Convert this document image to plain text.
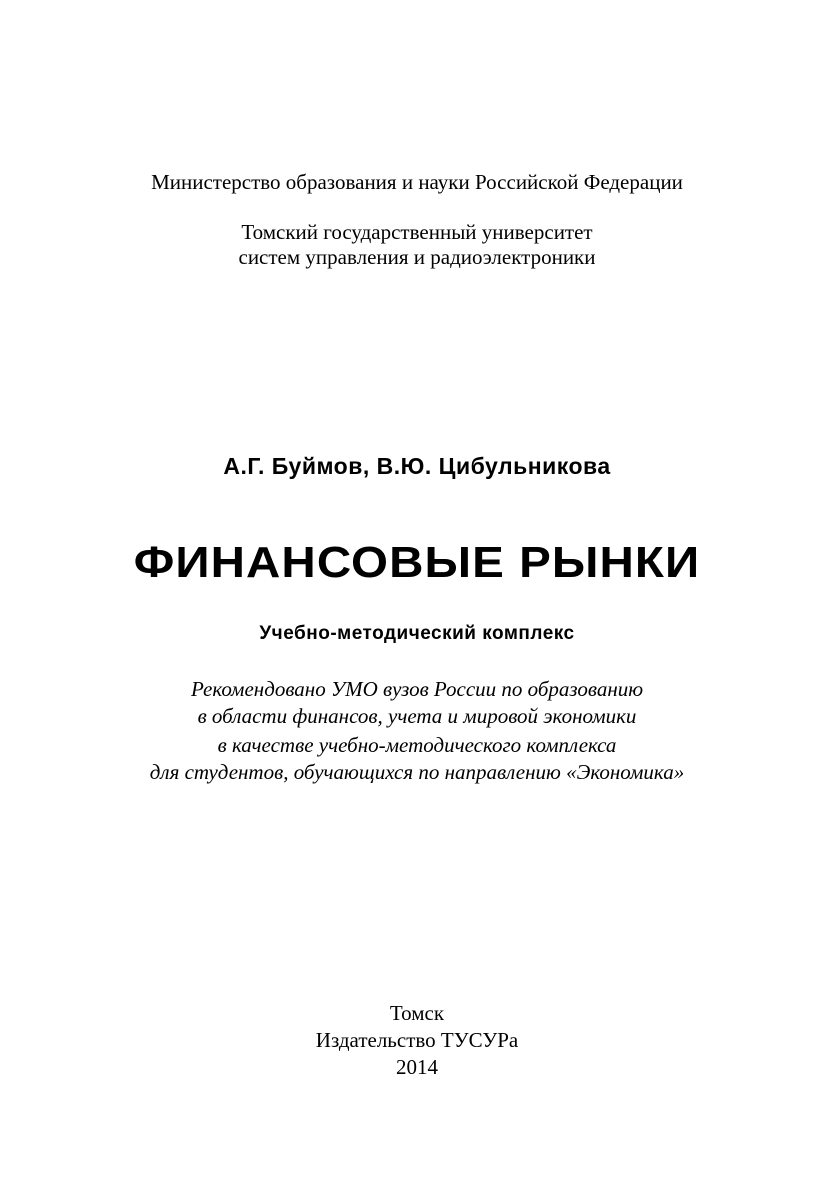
Министерство образования и науки Российской Федерации
Томский государственный университет
систем управления и радиоэлектроники
А.Г. Буймов, В.Ю. Цибульникова
ФИНАНСОВЫЕ РЫНКИ
Учебно-методический комплекс
Рекомендовано УМО вузов России по образованию
в области финансов, учета и мировой экономики
в качестве учебно-методического комплекса
для студентов, обучающихся по направлению «Экономика»
Томск
Издательство ТУСУРа
2014
